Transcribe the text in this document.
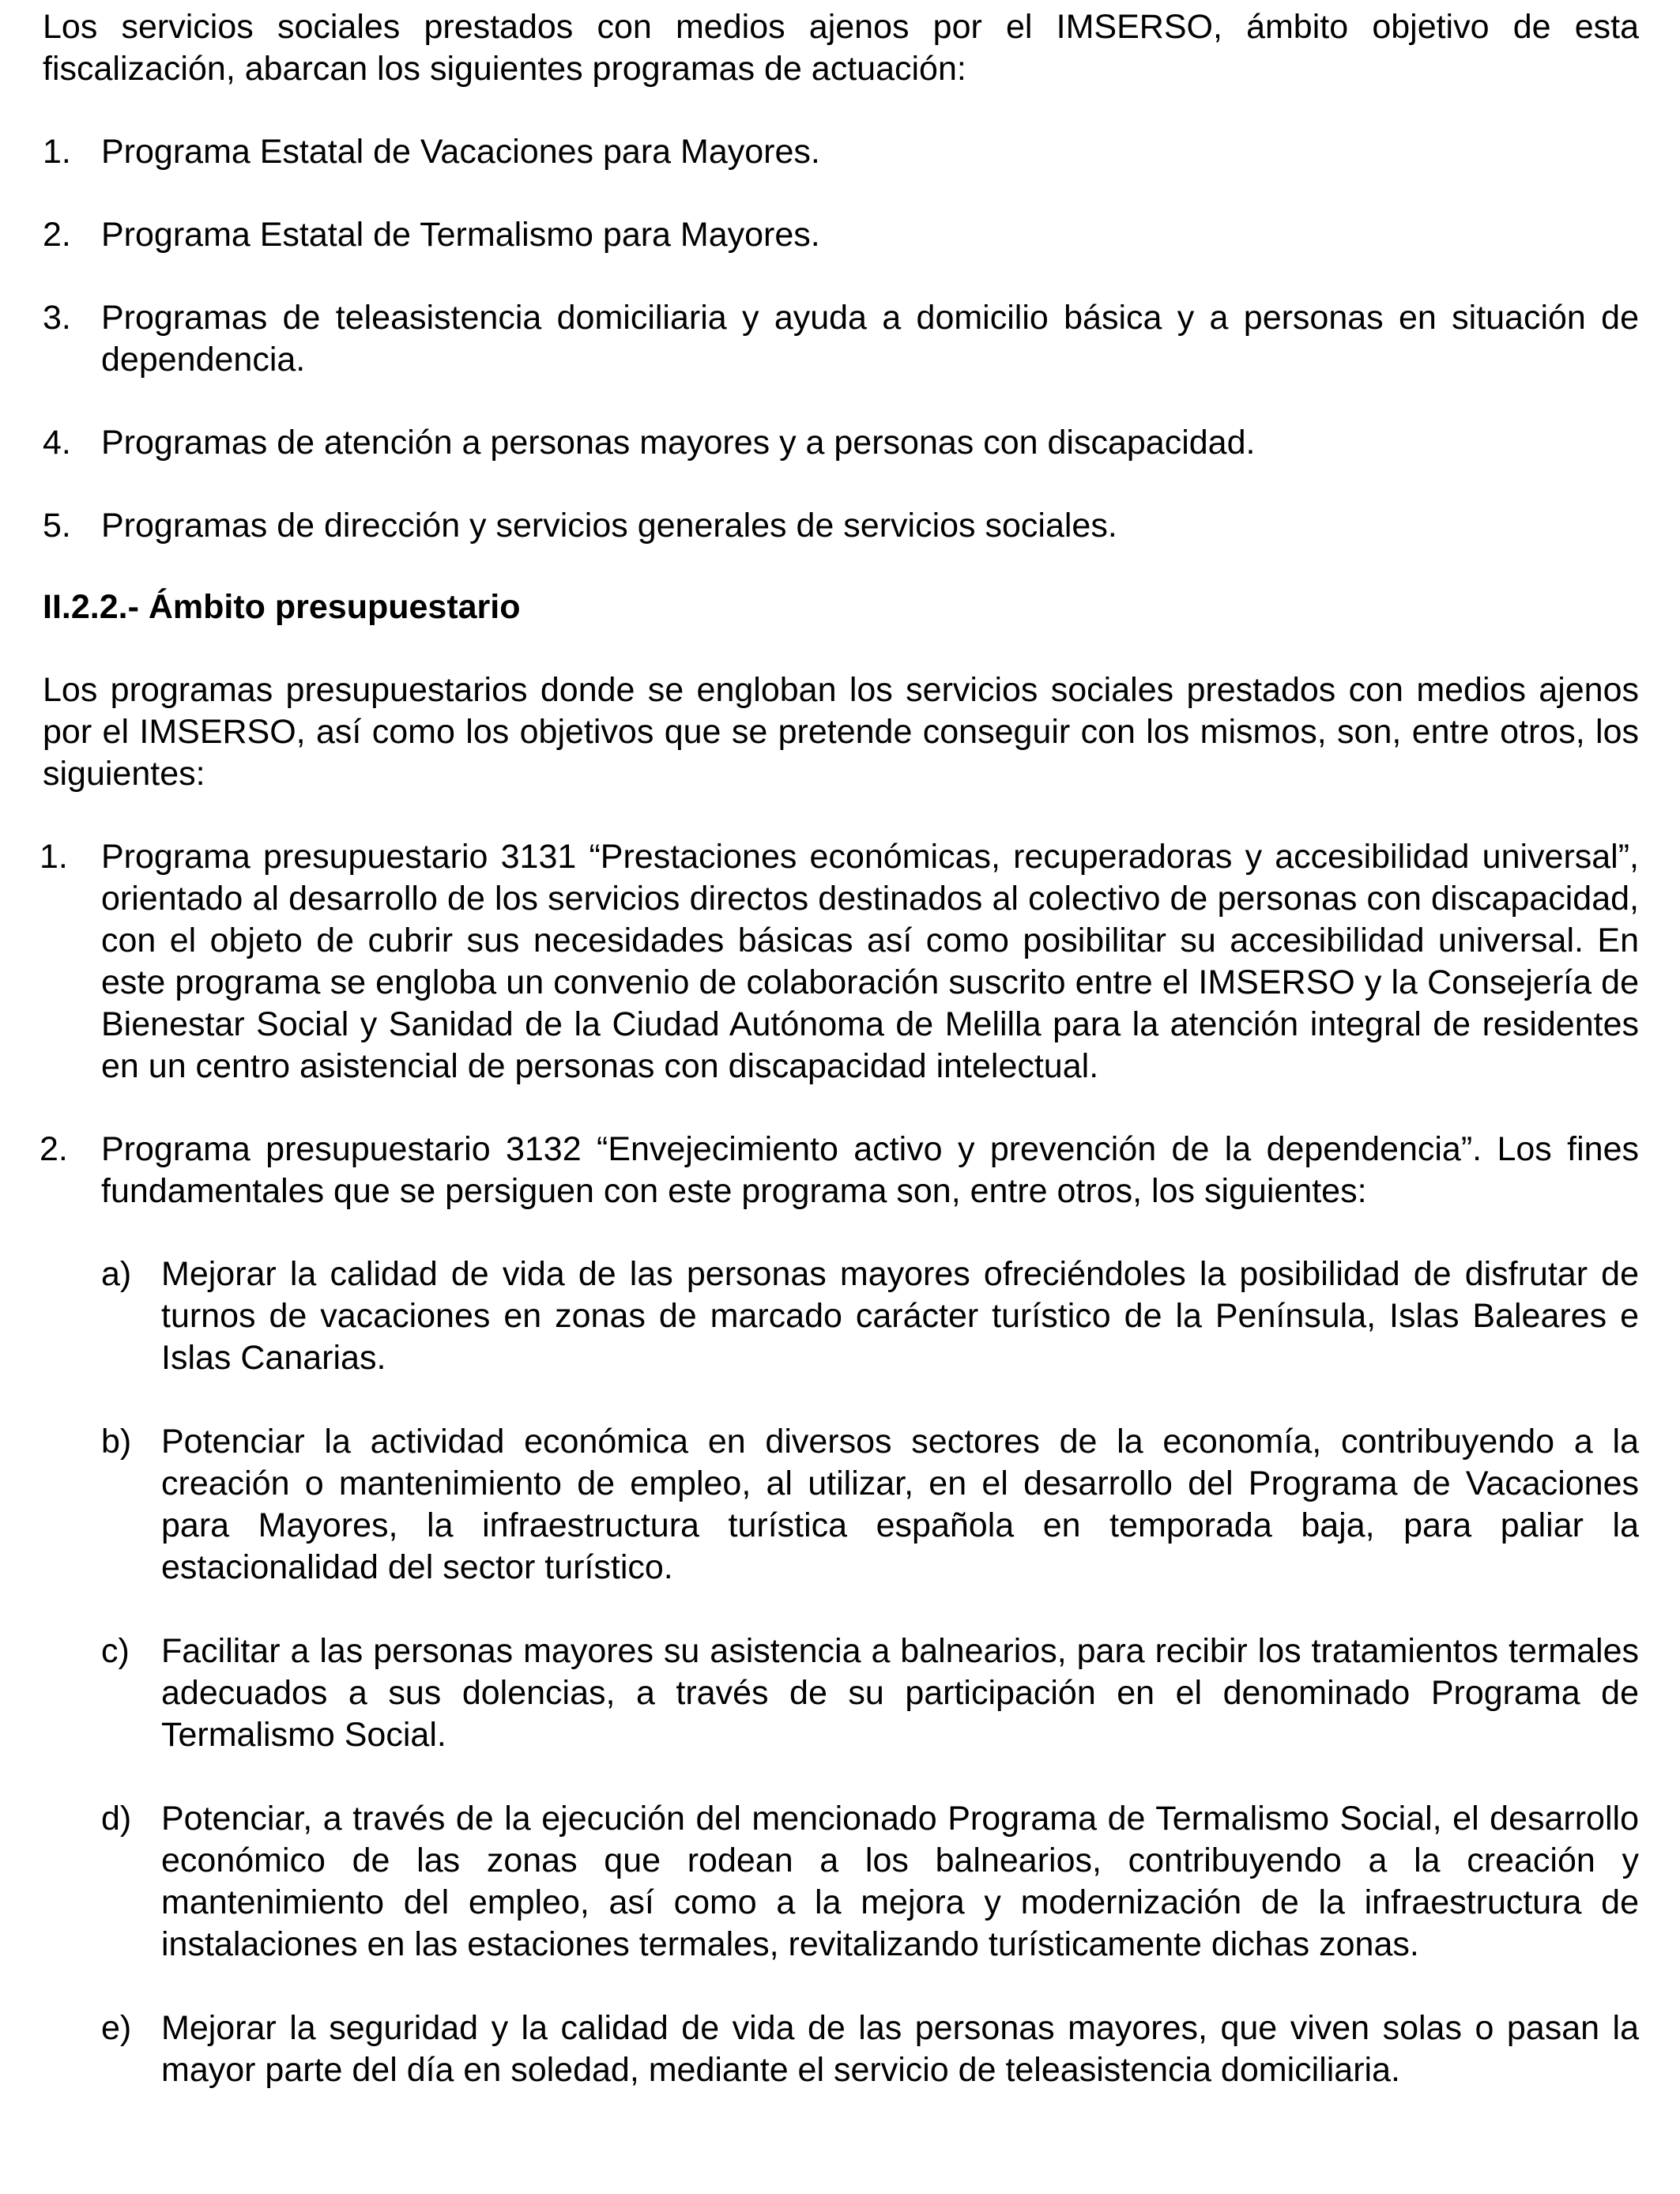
Los servicios sociales prestados con medios ajenos por el IMSERSO, ámbito objetivo de esta fiscalización, abarcan los siguientes programas de actuación:

1. Programa Estatal de Vacaciones para Mayores.
2. Programa Estatal de Termalismo para Mayores.
3. Programas de teleasistencia domiciliaria y ayuda a domicilio básica y a personas en situación de dependencia.
4. Programas de atención a personas mayores y a personas con discapacidad.
5. Programas de dirección y servicios generales de servicios sociales.

II.2.2.- Ámbito presupuestario

Los programas presupuestarios donde se engloban los servicios sociales prestados con medios ajenos por el IMSERSO, así como los objetivos que se pretende conseguir con los mismos, son, entre otros, los siguientes:

1. Programa presupuestario 3131 “Prestaciones económicas, recuperadoras y accesibilidad universal”, orientado al desarrollo de los servicios directos destinados al colectivo de personas con discapacidad, con el objeto de cubrir sus necesidades básicas así como posibilitar su accesibilidad universal. En este programa se engloba un convenio de colaboración suscrito entre el IMSERSO y la Consejería de Bienestar Social y Sanidad de la Ciudad Autónoma de Melilla para la atención integral de residentes en un centro asistencial de personas con discapacidad intelectual.
2. Programa presupuestario 3132 “Envejecimiento activo y prevención de la dependencia”. Los fines fundamentales que se persiguen con este programa son, entre otros, los siguientes:
a) Mejorar la calidad de vida de las personas mayores ofreciéndoles la posibilidad de disfrutar de turnos de vacaciones en zonas de marcado carácter turístico de la Península, Islas Baleares e Islas Canarias.
b) Potenciar la actividad económica en diversos sectores de la economía, contribuyendo a la creación o mantenimiento de empleo, al utilizar, en el desarrollo del Programa de Vacaciones para Mayores, la infraestructura turística española en temporada baja, para paliar la estacionalidad del sector turístico.
c) Facilitar a las personas mayores su asistencia a balnearios, para recibir los tratamientos termales adecuados a sus dolencias, a través de su participación en el denominado Programa de Termalismo Social.
d) Potenciar, a través de la ejecución del mencionado Programa de Termalismo Social, el desarrollo económico de las zonas que rodean a los balnearios, contribuyendo a la creación y mantenimiento del empleo, así como a la mejora y modernización de la infraestructura de instalaciones en las estaciones termales, revitalizando turísticamente dichas zonas.
e) Mejorar la seguridad y la calidad de vida de las personas mayores, que viven solas o pasan la mayor parte del día en soledad, mediante el servicio de teleasistencia domiciliaria.
